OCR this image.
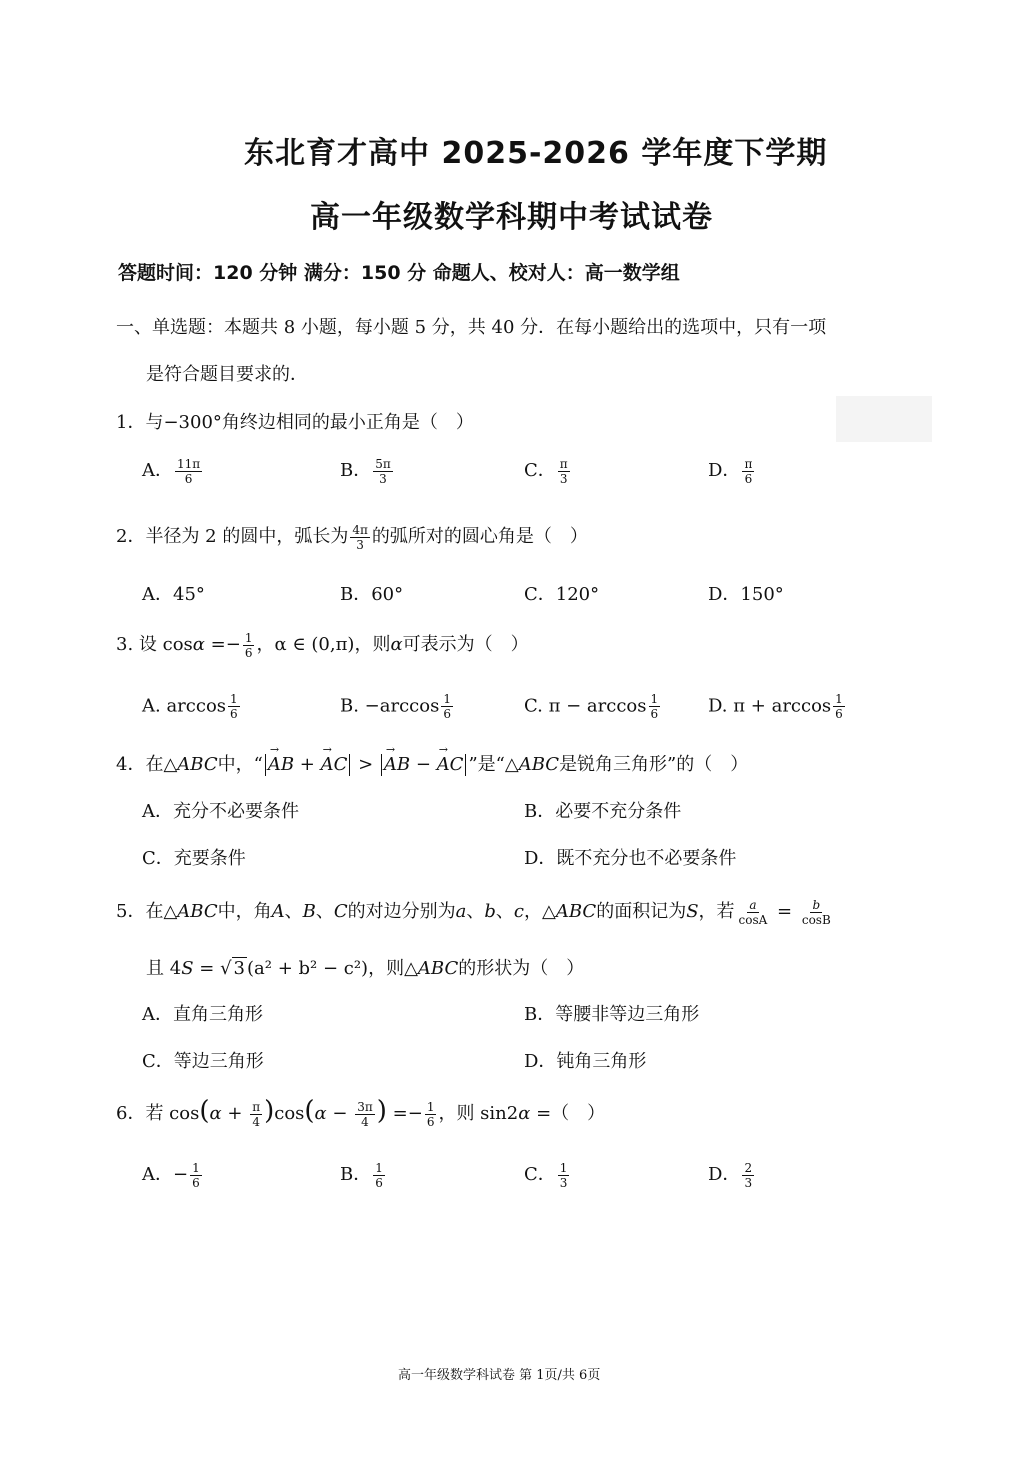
东北育才高中 2025-2026 学年度下学期
高一年级数学科期中考试试卷
答题时间：120 分钟 满分：150 分 命题人、校对人：高一数学组
一、单选题：本题共 8 小题，每小题 5 分，共 40 分．在每小题给出的选项中，只有一项
是符合题目要求的．
1．与−300°角终边相同的最小正角是（　）
A． $\frac{11\pi}{6}$	B． $\frac{5\pi}{3}$	C． $\frac{\pi}{3}$	D． $\frac{\pi}{6}$
2．半径为 2 的圆中，弧长为 $\frac{4\pi}{3}$ 的弧所对的圆心角是（　）
A．45°	B．60°	C．120°	D．150°
3. 设 $\cos\alpha =- \frac{1}{6}$ ，α ∈ (0,π)，则α可表示为（　）
A. $\arccos \frac{1}{6}$	B. $-\arccos \frac{1}{6}$	C. $\pi - \arccos \frac{1}{6}$	D. $\pi + \arccos \frac{1}{6}$
4．在△ABC中，“→ AB + → AC > → AB − → AC ”是“△ABC是锐角三角形”的（　）
A．充分不必要条件	B．必要不充分条件
C．充要条件	D．既不充分也不必要条件
5．在△ABC中，角A、B、C的对边分别为a、b、c，△ABC的面积记为S，若 $\frac{a}{\cos A} = \frac{b}{\cos B}$
且 4S = √ 3 (a² + b² − c²)，则△ABC的形状为（　）
A．直角三角形	B．等腰非等边三角形
C．等边三角形	D．钝角三角形
6．若 $\cos(\alpha + \frac{\pi}{4} )\cos(\alpha - \frac{3\pi}{4}$ ) =− $\frac{1}{6}$ ，则 sin2α =（　）
A．− $\frac{1}{6}$	B． $\frac{1}{6}$	C． $\frac{1}{3}$	D． $\frac{2}{3}$
高一年级数学科试卷 第 1页/共 6页
